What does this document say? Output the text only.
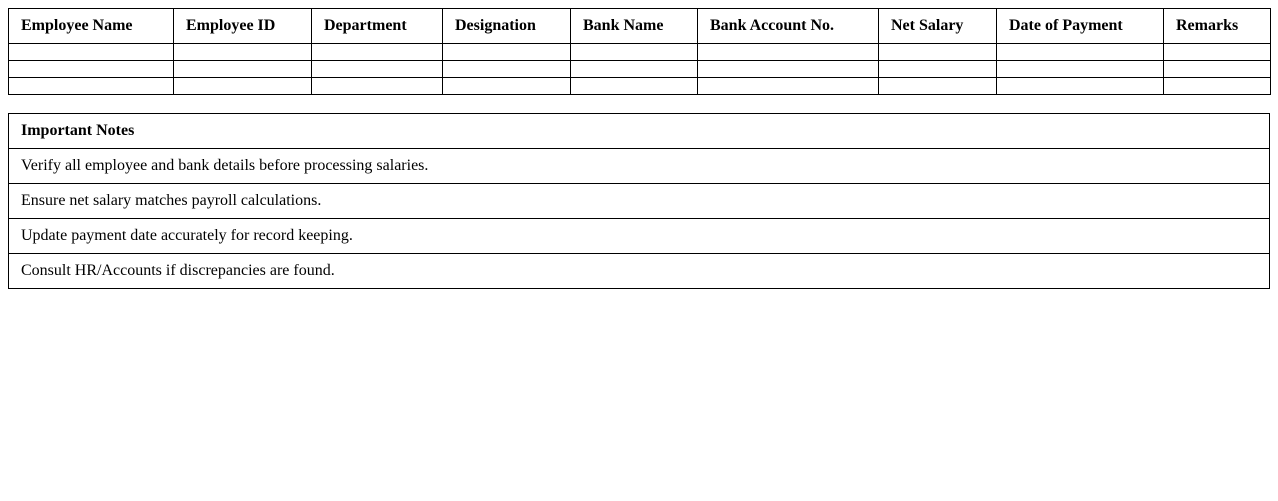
Employee Name	Employee ID	Department	Designation	Bank Name	Bank Account No.	Net Salary	Date of Payment	Remarks

Important Notes
Verify all employee and bank details before processing salaries.
Ensure net salary matches payroll calculations.
Update payment date accurately for record keeping.
Consult HR/Accounts if discrepancies are found.
